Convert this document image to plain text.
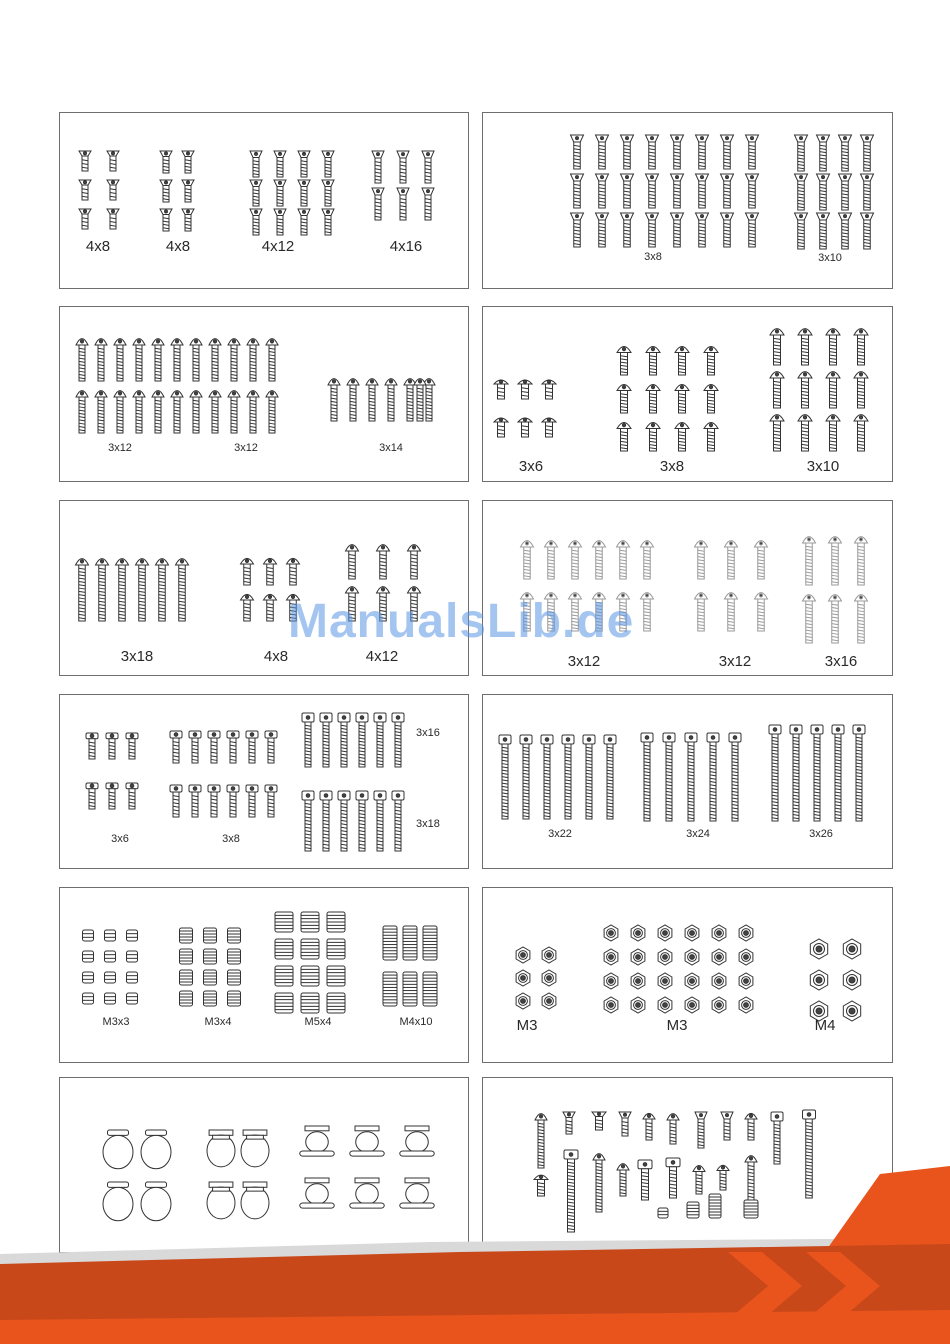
4x8	4x8	4x12	4x16
3x8	3x10
3x12	3x12	3x14
3x6	3x8	3x10
3x18	4x8	4x12	3x12	3x12	3x16
3x6	3x8
3x16
3x18
3x22	3x24	3x26
M3x3	M3x4	M5x4	M4x10	M3	M3	M4
ManualsLib.de
